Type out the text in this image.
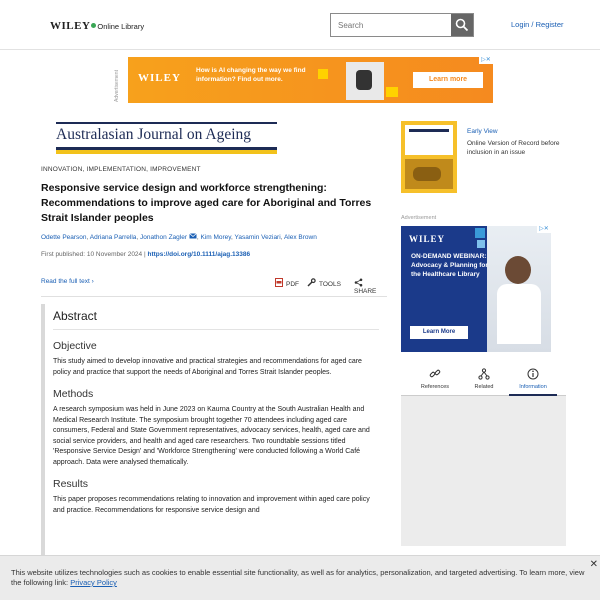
WILEY Online Library
Search	Login / Register
Advertisement WILEY
How is AI changing the way we find information? Find out more.	Learn more
▷✕
Australasian Journal on Ageing
INNOVATION, IMPLEMENTATION, IMPROVEMENT
Responsive service design and workforce strengthening: Recommendations to improve aged care for Aboriginal and Torres Strait Islander peoples
Odette Pearson, Adriana Parrella, Jonathon Zagler , Kim Morey, Yasamin Veziari, Alex Brown
First published: 10 November 2024 | https://doi.org/10.1111/ajag.13386
Read the full text ›	PDF	TOOLS
SHARE
Abstract
Objective

This study aimed to develop innovative and practical strategies and recommendations for aged care policy and practice that support the needs of Aboriginal and Torres Strait Islander peoples.

Methods

A research symposium was held in June 2023 on Kaurna Country at the South Australian Health and Medical Research Institute. The symposium brought together 70 attendees including aged care consumers, Federal and State Government representatives, advocacy services, health, aged care and social service providers, and health and aged care researchers. Two roundtable sessions titled 'Responsive Service Design' and 'Workforce Strengthening' were conducted following a World Café approach. Data were analysed thematically.

Results

This paper proposes recommendations relating to innovation and improvement within aged care policy and practice. Recommendations for responsive service design and

Early View
Online Version of Record before inclusion in an issue
Advertisement
WILEY
ON-DEMAND WEBINAR: Advocacy & Planning for the Healthcare Library
Learn More
▷✕
References	Related	Information
This website utilizes technologies such as cookies to enable essential site functionality, as well as for analytics, personalization, and targeted advertising. To learn more, view the following link: Privacy Policy
✕
